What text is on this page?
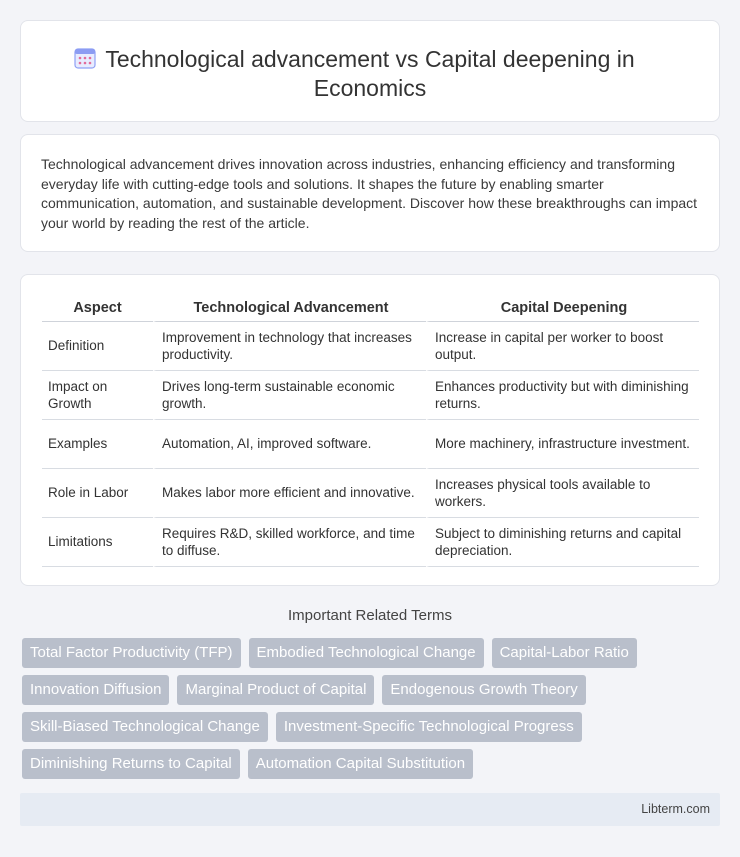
Technological advancement vs Capital deepening in
Economics

Technological advancement drives innovation across industries, enhancing efficiency and transforming everyday life with cutting-edge tools and solutions. It shapes the future by enabling smarter communication, automation, and sustainable development. Discover how these breakthroughs can impact your world by reading the rest of the article.

Aspect	Technological Advancement	Capital Deepening
Definition	Improvement in technology that increases productivity.	Increase in capital per worker to boost output.
Impact on Growth	Drives long-term sustainable economic growth.	Enhances productivity but with diminishing returns.
Examples	Automation, AI, improved software.	More machinery, infrastructure investment.
Role in Labor	Makes labor more efficient and innovative.	Increases physical tools available to workers.
Limitations	Requires R&D, skilled workforce, and time to diffuse.	Subject to diminishing returns and capital depreciation.
Important Related Terms
Total Factor Productivity (TFP)	Embodied Technological Change	Capital-Labor Ratio
Innovation Diffusion	Marginal Product of Capital	Endogenous Growth Theory
Skill-Biased Technological Change	Investment-Specific Technological Progress
Diminishing Returns to Capital	Automation Capital Substitution
Libterm.com
